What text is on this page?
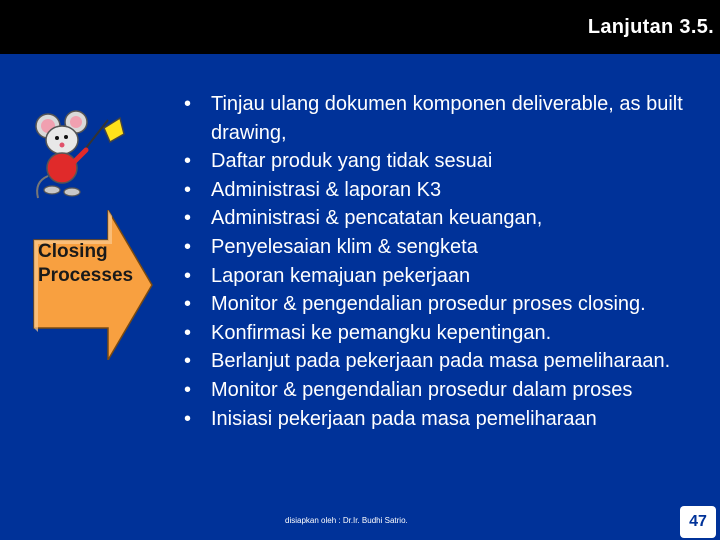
Lanjutan 3.5.
Closing
Processes
• Tinjau ulang dokumen komponen deliverable, as built drawing,
• Daftar produk yang tidak sesuai
• Administrasi & laporan K3
• Administrasi & pencatatan keuangan,
• Penyelesaian klim & sengketa
• Laporan kemajuan pekerjaan
• Monitor & pengendalian prosedur proses closing.
• Konfirmasi ke pemangku kepentingan.
• Berlanjut pada pekerjaan pada masa pemeliharaan.
• Monitor & pengendalian prosedur dalam proses
• Inisiasi pekerjaan pada masa pemeliharaan
disiapkan oleh : Dr.Ir. Budhi Satrio.	47
